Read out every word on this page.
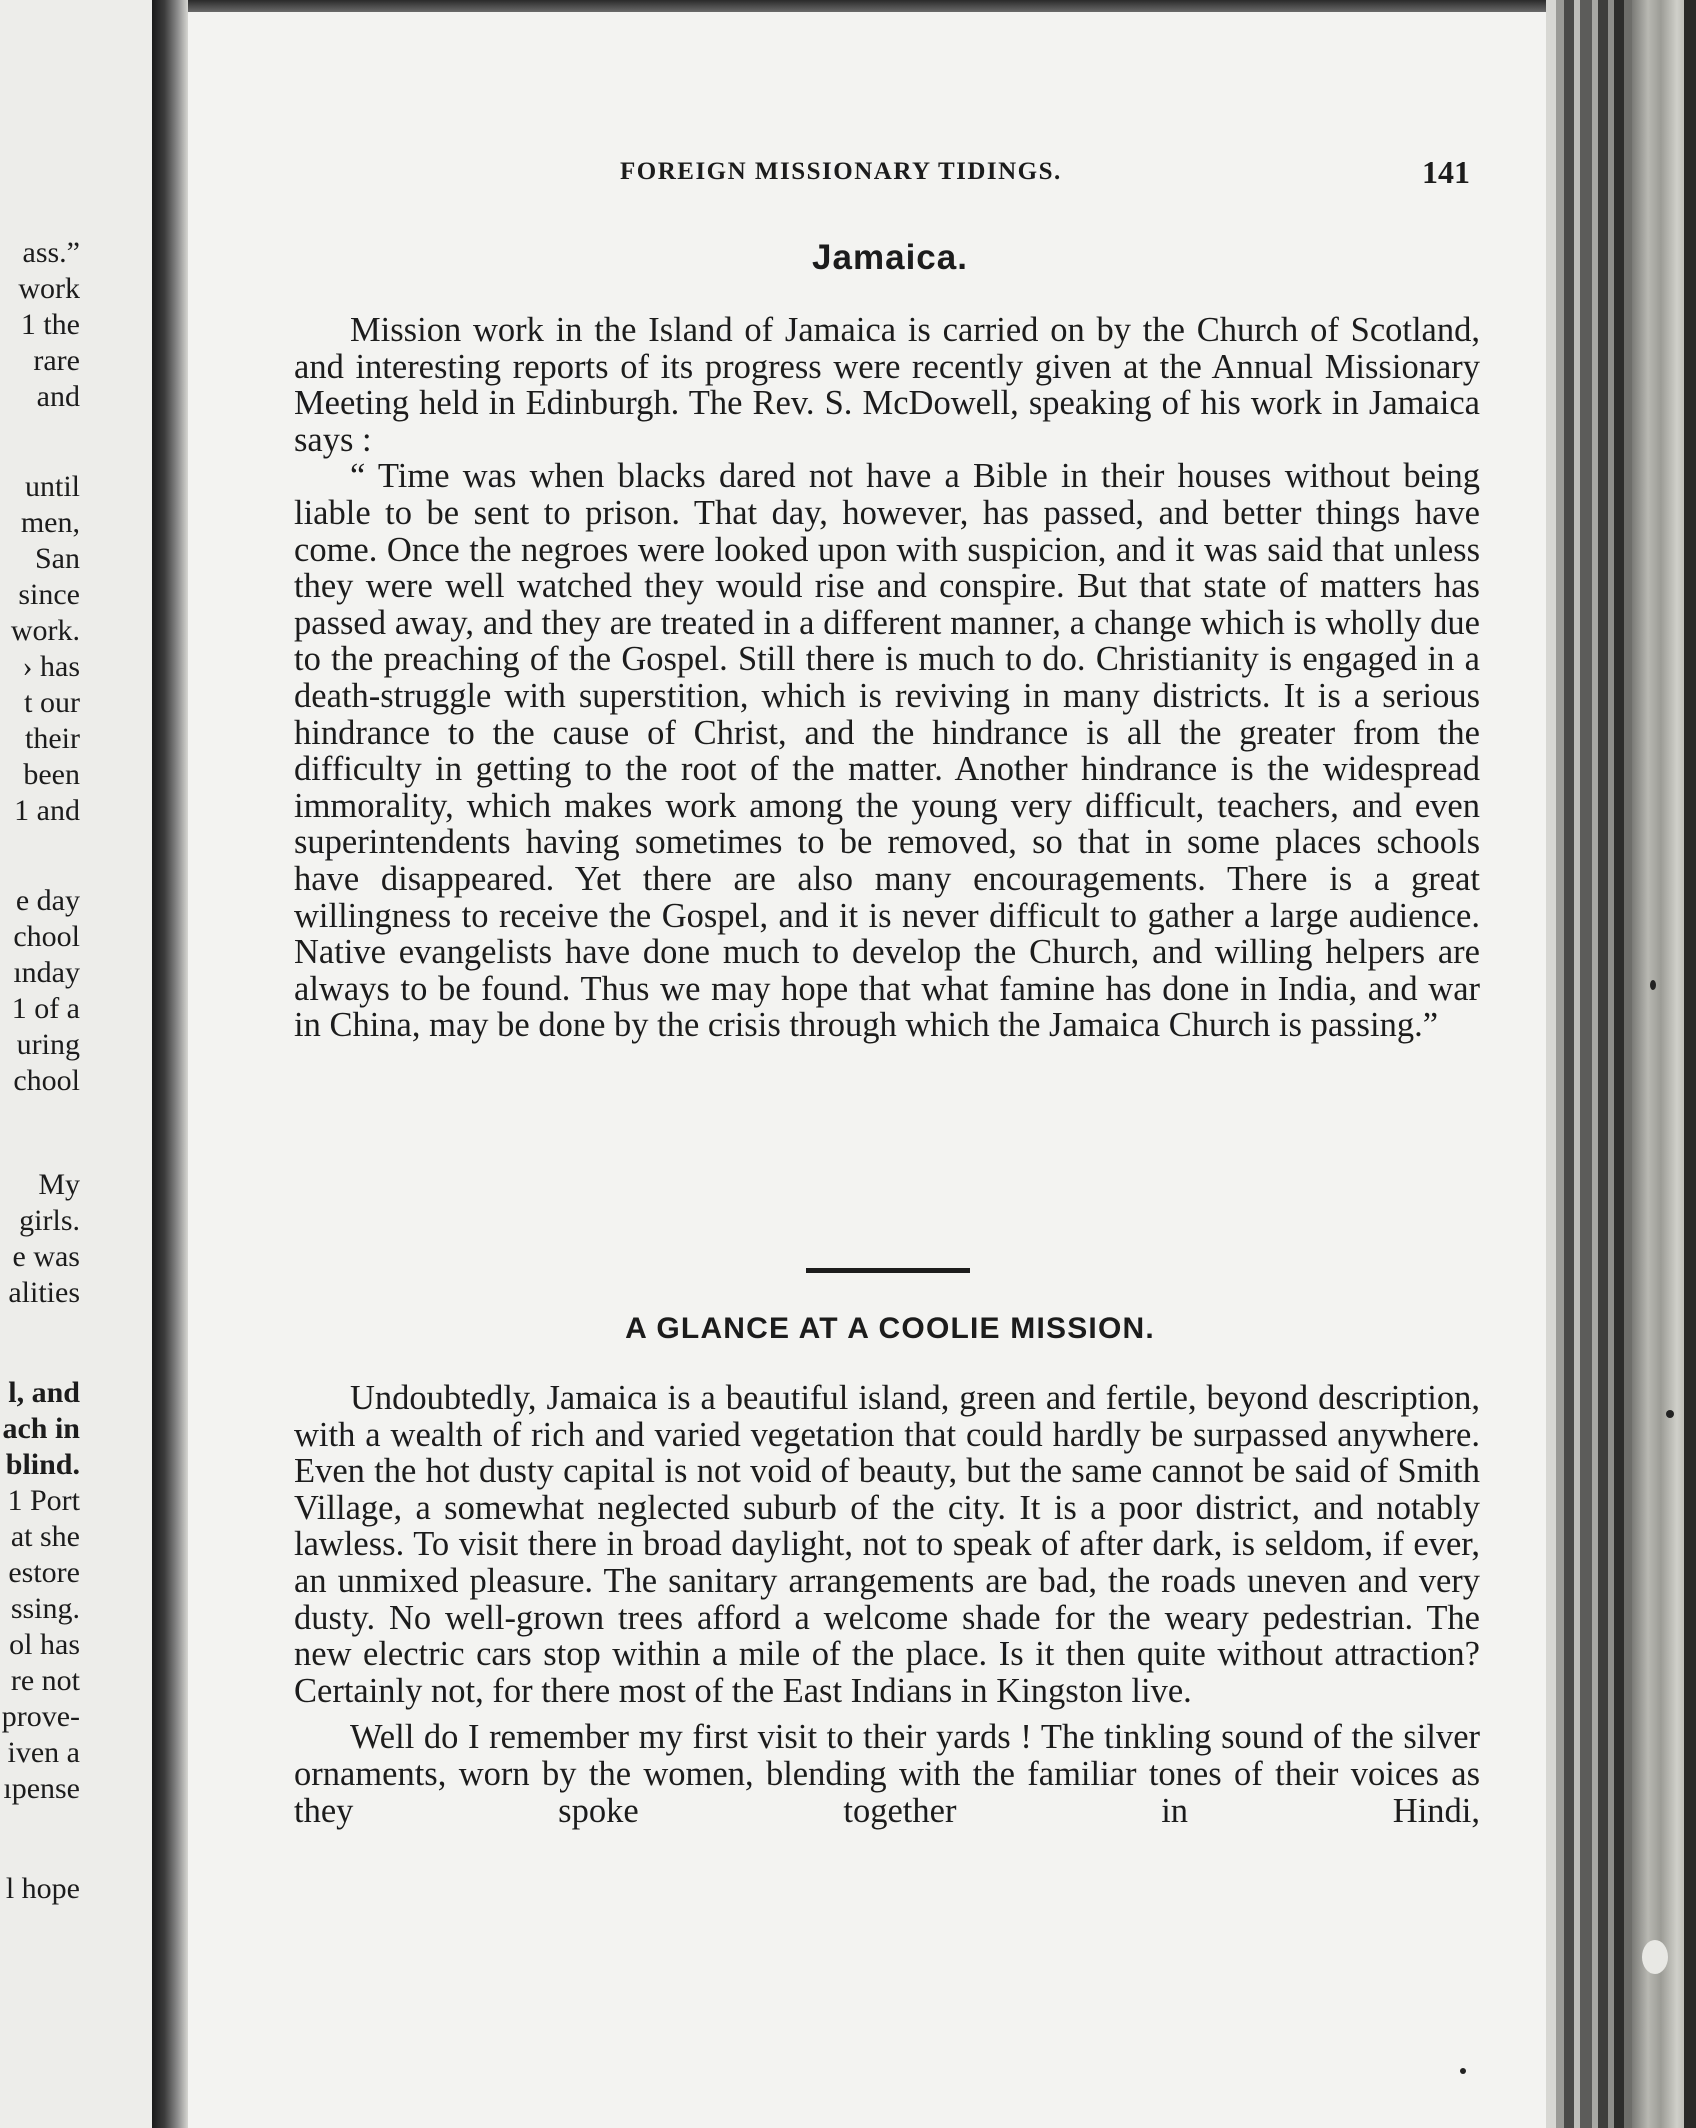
ass.”
work
1 the
rare
and
until
men,
San
since
work.
› has
t our
their
been
1 and
e day
chool
ınday
1 of a
uring
chool
My
girls.
e was
alities
l, and
ach in
blind.
1 Port
at she
estore
ssing.
ol has
re not
prove-
iven a
ıpense
l hope
FOREIGN MISSIONARY TIDINGS.	141
Jamaica.

Mission work in the Island of Jamaica is carried on by the Church of Scotland, and interesting reports of its progress were recently given at the Annual Missionary Meeting held in Edinburgh. The Rev. S. McDowell, speaking of his work in Jamaica says :

“ Time was when blacks dared not have a Bible in their houses without being liable to be sent to prison. That day, however, has passed, and better things have come. Once the negroes were looked upon with suspicion, and it was said that unless they were well watched they would rise and conspire. But that state of matters has passed away, and they are treated in a different manner, a change which is wholly due to the preaching of the Gospel. Still there is much to do. Christianity is engaged in a death-struggle with superstition, which is reviving in many districts. It is a serious hindrance to the cause of Christ, and the hindrance is all the greater from the difficulty in getting to the root of the matter. Another hindrance is the widespread immorality, which makes work among the young very difficult, teachers, and even superintendents having sometimes to be removed, so that in some places schools have disappeared. Yet there are also many encouragements. There is a great willingness to receive the Gospel, and it is never difficult to gather a large audience. Native evangelists have done much to develop the Church, and willing helpers are always to be found. Thus we may hope that what famine has done in India, and war in China, may be done by the crisis through which the Jamaica Church is passing.”

A GLANCE AT A COOLIE MISSION.

Undoubtedly, Jamaica is a beautiful island, green and fertile, beyond description, with a wealth of rich and varied vegetation that could hardly be surpassed anywhere. Even the hot dusty capital is not void of beauty, but the same cannot be said of Smith Village, a somewhat neglected suburb of the city. It is a poor district, and notably lawless. To visit there in broad daylight, not to speak of after dark, is seldom, if ever, an unmixed pleasure. The sanitary arrangements are bad, the roads uneven and very dusty. No well-grown trees afford a welcome shade for the weary pedestrian. The new electric cars stop within a mile of the place. Is it then quite without attraction? Certainly not, for there most of the East Indians in Kingston live.

Well do I remember my first visit to their yards ! The tinkling sound of the silver ornaments, worn by the women, blending with the familiar tones of their voices as they spoke together in Hindi,
